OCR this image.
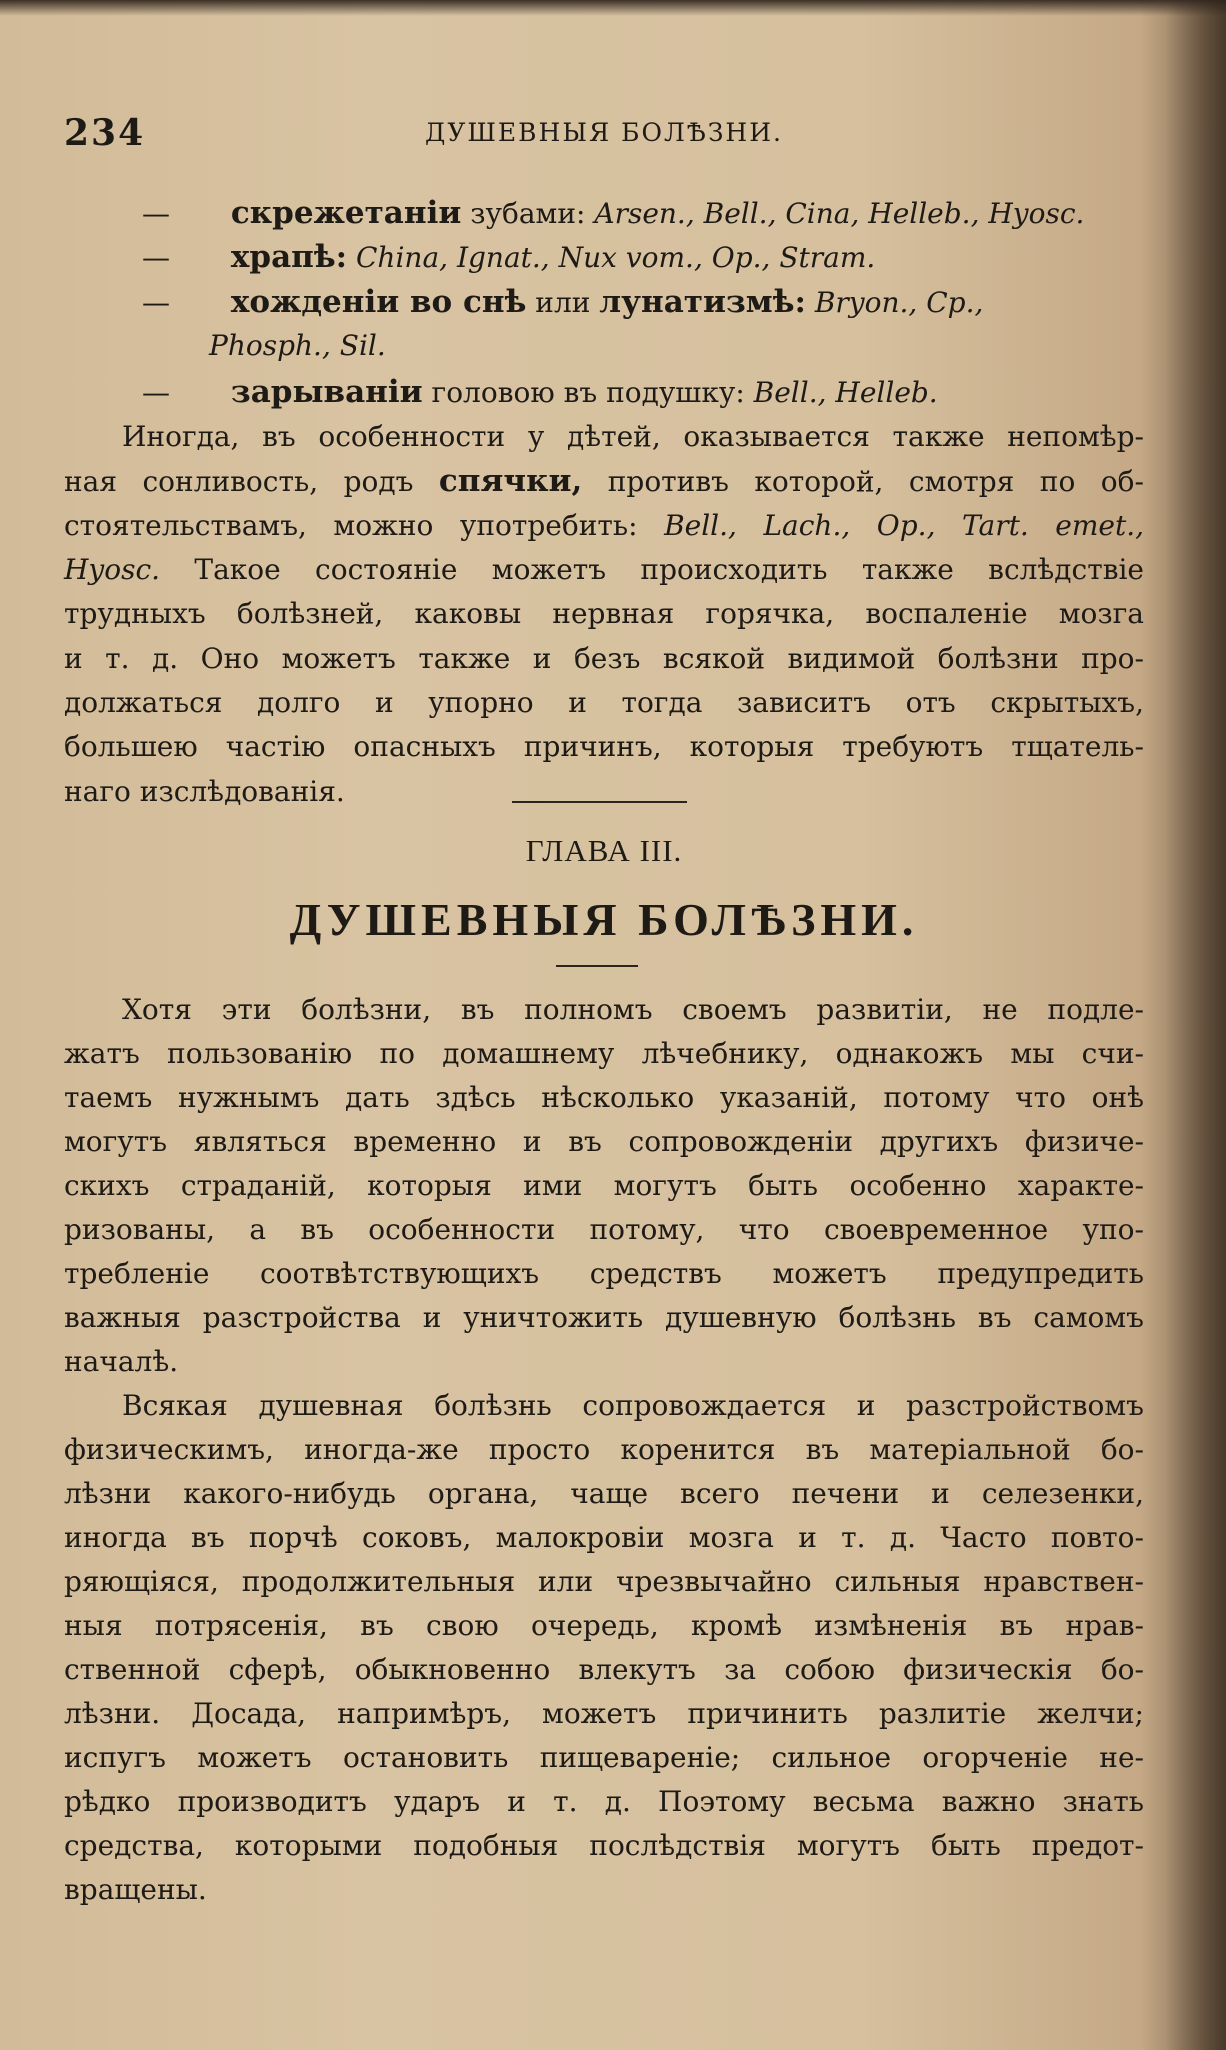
234	ДУШЕВНЫЯ БОЛѢЗНИ.
— скрежетаніи зубами: Arsen., Bell., Cina, Helleb., Hyosc.
— храпѣ: China, Ignat., Nux vom., Op., Stram.
— хожденіи во снѣ или лунатизмѣ: Bryon., Cp.,
Phosph., Sil.
— зарываніи головою въ подушку: Bell., Helleb.
Иногда, въ особенности у дѣтей, оказывается также непомѣр-
ная сонливость, родъ спячки, противъ которой, смотря по об-
стоятельствамъ, можно употребить: Bell., Lach., Op., Tart. emet.,
Hyosc. Такое состояніе можетъ происходить также вслѣдствіе
трудныхъ болѣзней, каковы нервная горячка, воспаленіе мозга
и т. д. Оно можетъ также и безъ всякой видимой болѣзни про-
должаться долго и упорно и тогда зависитъ отъ скрытыхъ,
большею частію опасныхъ причинъ, которыя требуютъ тщатель-
наго изслѣдованія.
ГЛАВА III.
ДУШЕВНЫЯ БОЛѢЗНИ.
Хотя эти болѣзни, въ полномъ своемъ развитіи, не подле-
жатъ пользованію по домашнему лѣчебнику, однакожъ мы счи-
таемъ нужнымъ дать здѣсь нѣсколько указаній, потому что онѣ
могутъ являться временно и въ сопровожденіи другихъ физиче-
скихъ страданій, которыя ими могутъ быть особенно характе-
ризованы, а въ особенности потому, что своевременное упо-
требленіе соотвѣтствующихъ средствъ можетъ предупредить
важныя разстройства и уничтожить душевную болѣзнь въ самомъ
началѣ.
Всякая душевная болѣзнь сопровождается и разстройствомъ
физическимъ, иногда-же просто коренится въ матеріальной бо-
лѣзни какого-нибудь органа, чаще всего печени и селезенки,
иногда въ порчѣ соковъ, малокровіи мозга и т. д. Часто повто-
ряющіяся, продолжительныя или чрезвычайно сильныя нравствен-
ныя потрясенія, въ свою очередь, кромѣ измѣненія въ нрав-
ственной сферѣ, обыкновенно влекутъ за собою физическія бо-
лѣзни. Досада, напримѣръ, можетъ причинить разлитіе желчи;
испугъ можетъ остановить пищевареніе; сильное огорченіе не-
рѣдко производитъ ударъ и т. д. Поэтому весьма важно знать
средства, которыми подобныя послѣдствія могутъ быть предот-
вращены.
